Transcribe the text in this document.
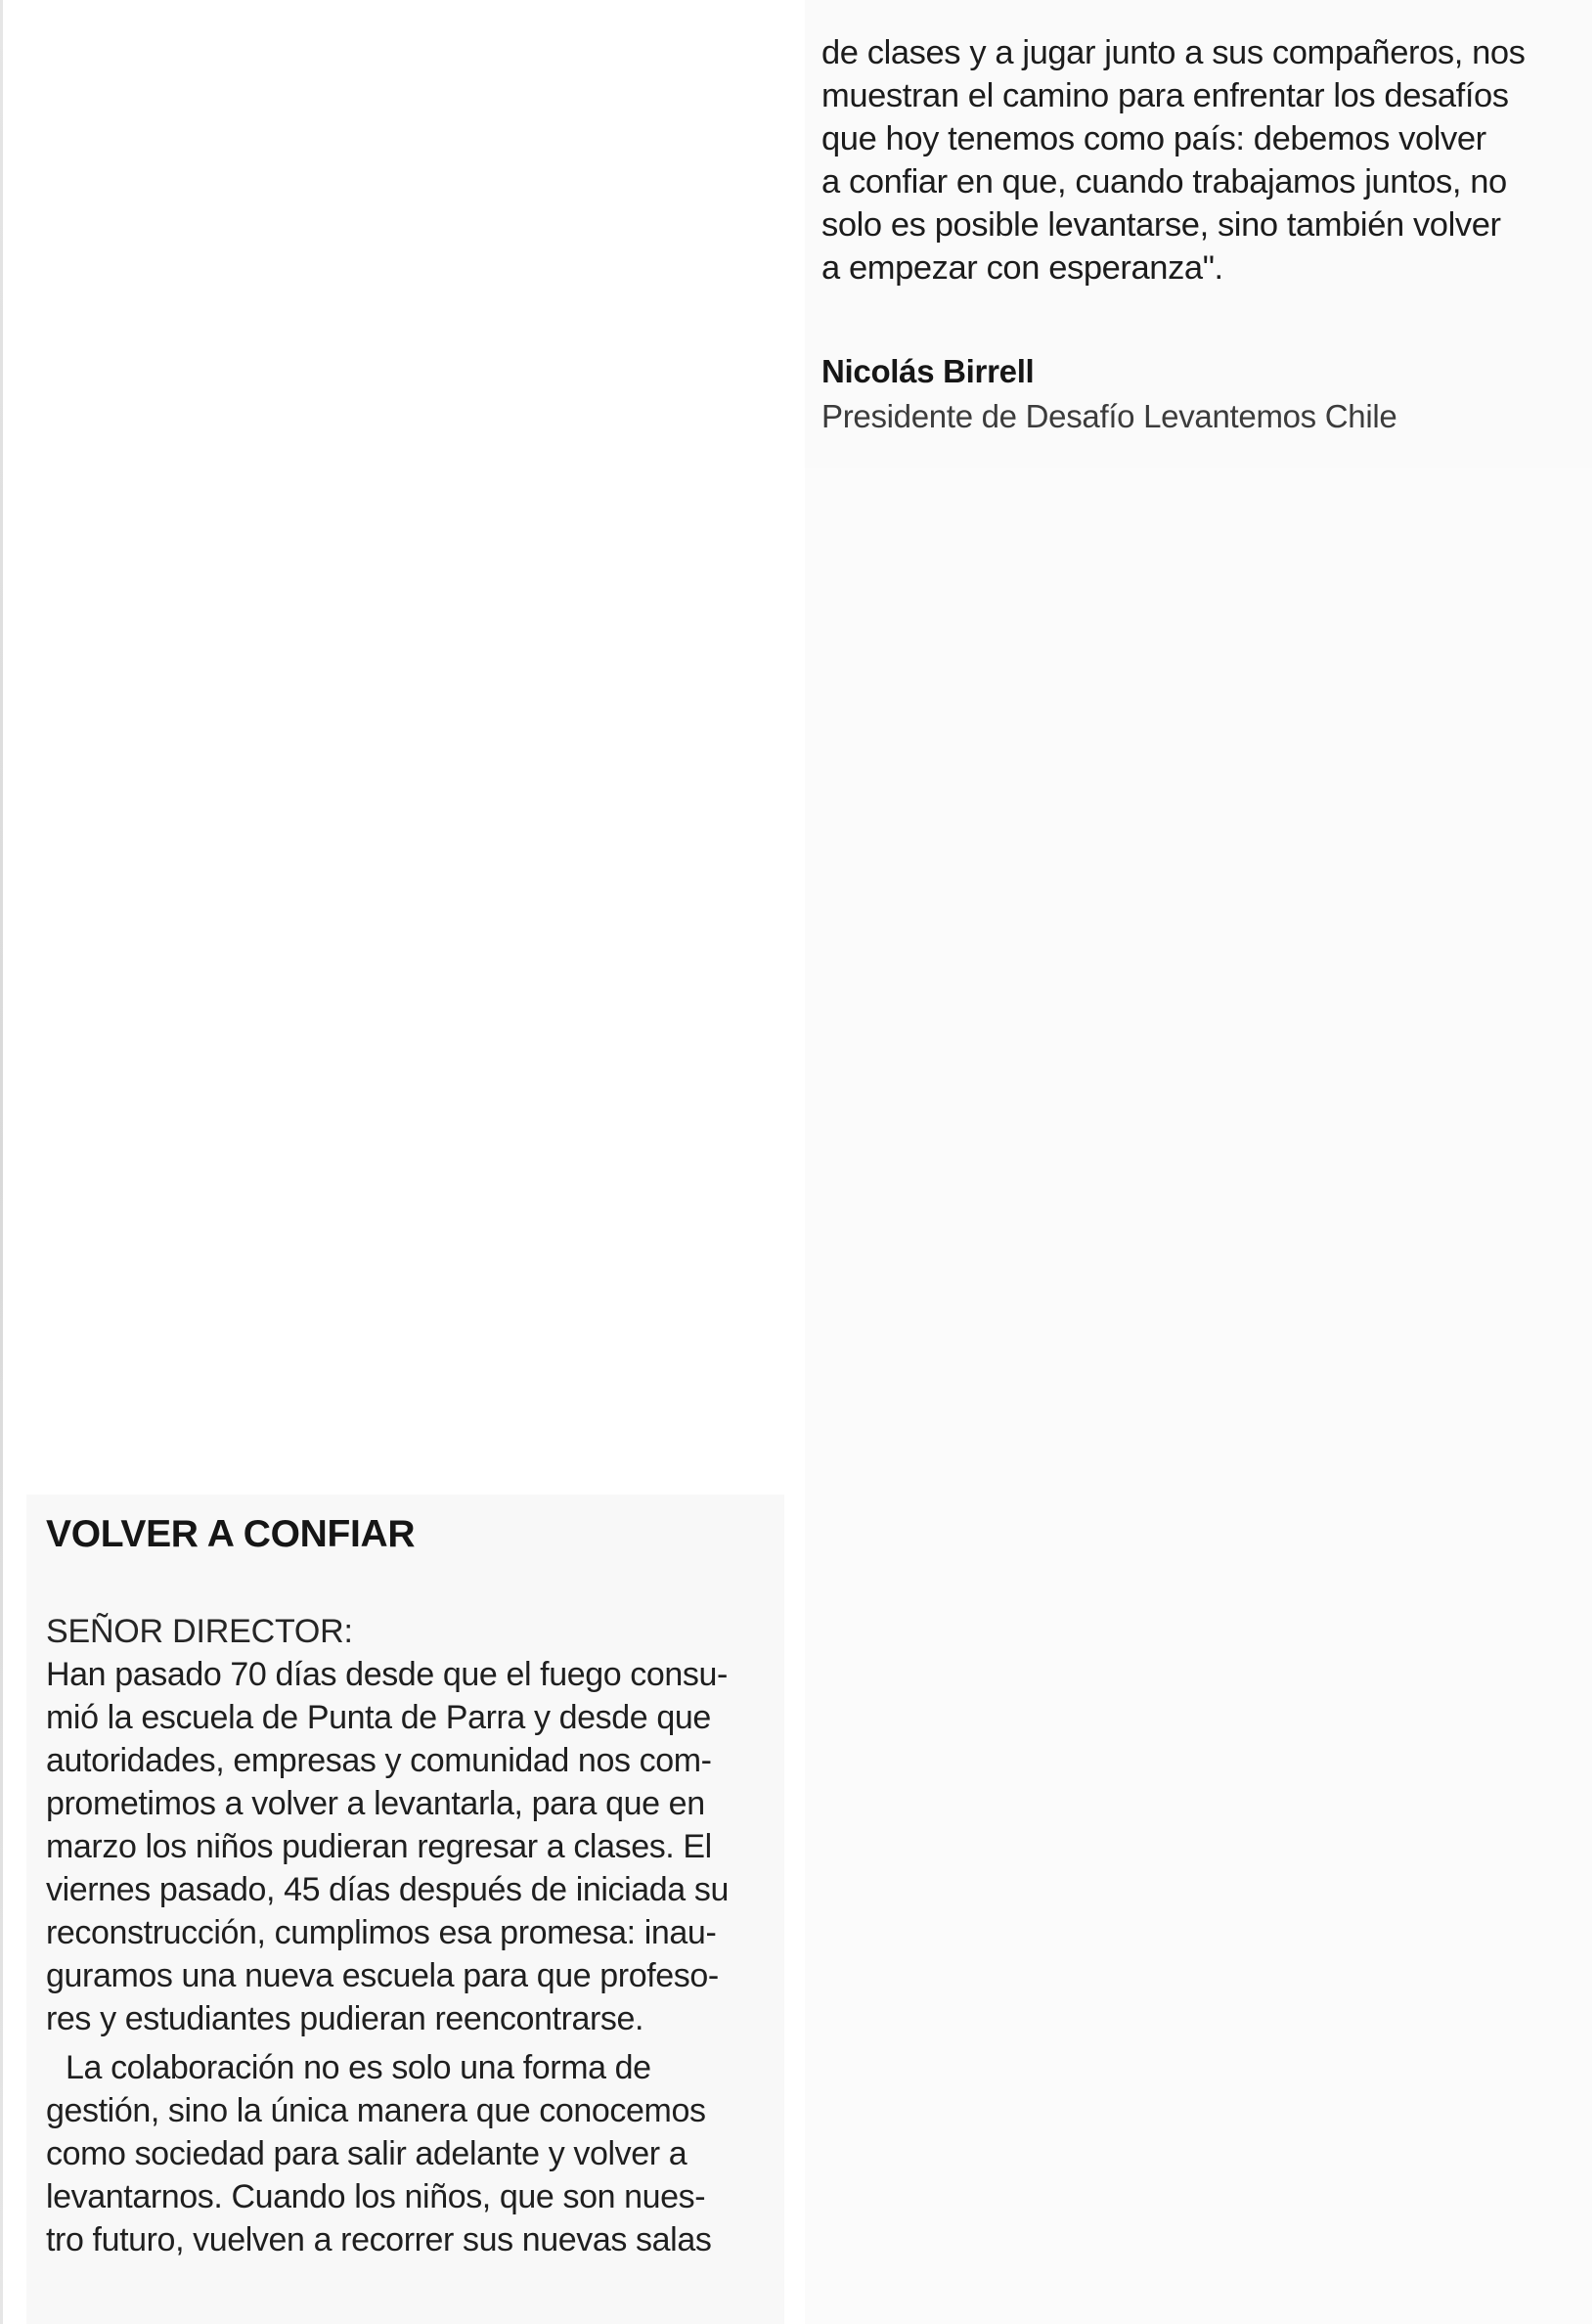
de clases y a jugar junto a sus compañeros, nos
muestran el camino para enfrentar los desafíos
que hoy tenemos como país: debemos volver
a confiar en que, cuando trabajamos juntos, no
solo es posible levantarse, sino también volver
a empezar con esperanza".
Nicolás Birrell
Presidente de Desafío Levantemos Chile
VOLVER A CONFIAR
SEÑOR DIRECTOR:
Han pasado 70 días desde que el fuego consu-
mió la escuela de Punta de Parra y desde que
autoridades, empresas y comunidad nos com-
prometimos a volver a levantarla, para que en
marzo los niños pudieran regresar a clases. El
viernes pasado, 45 días después de iniciada su
reconstrucción, cumplimos esa promesa: inau-
guramos una nueva escuela para que profeso-
res y estudiantes pudieran reencontrarse.
La colaboración no es solo una forma de
gestión, sino la única manera que conocemos
como sociedad para salir adelante y volver a
levantarnos. Cuando los niños, que son nues-
tro futuro, vuelven a recorrer sus nuevas salas
